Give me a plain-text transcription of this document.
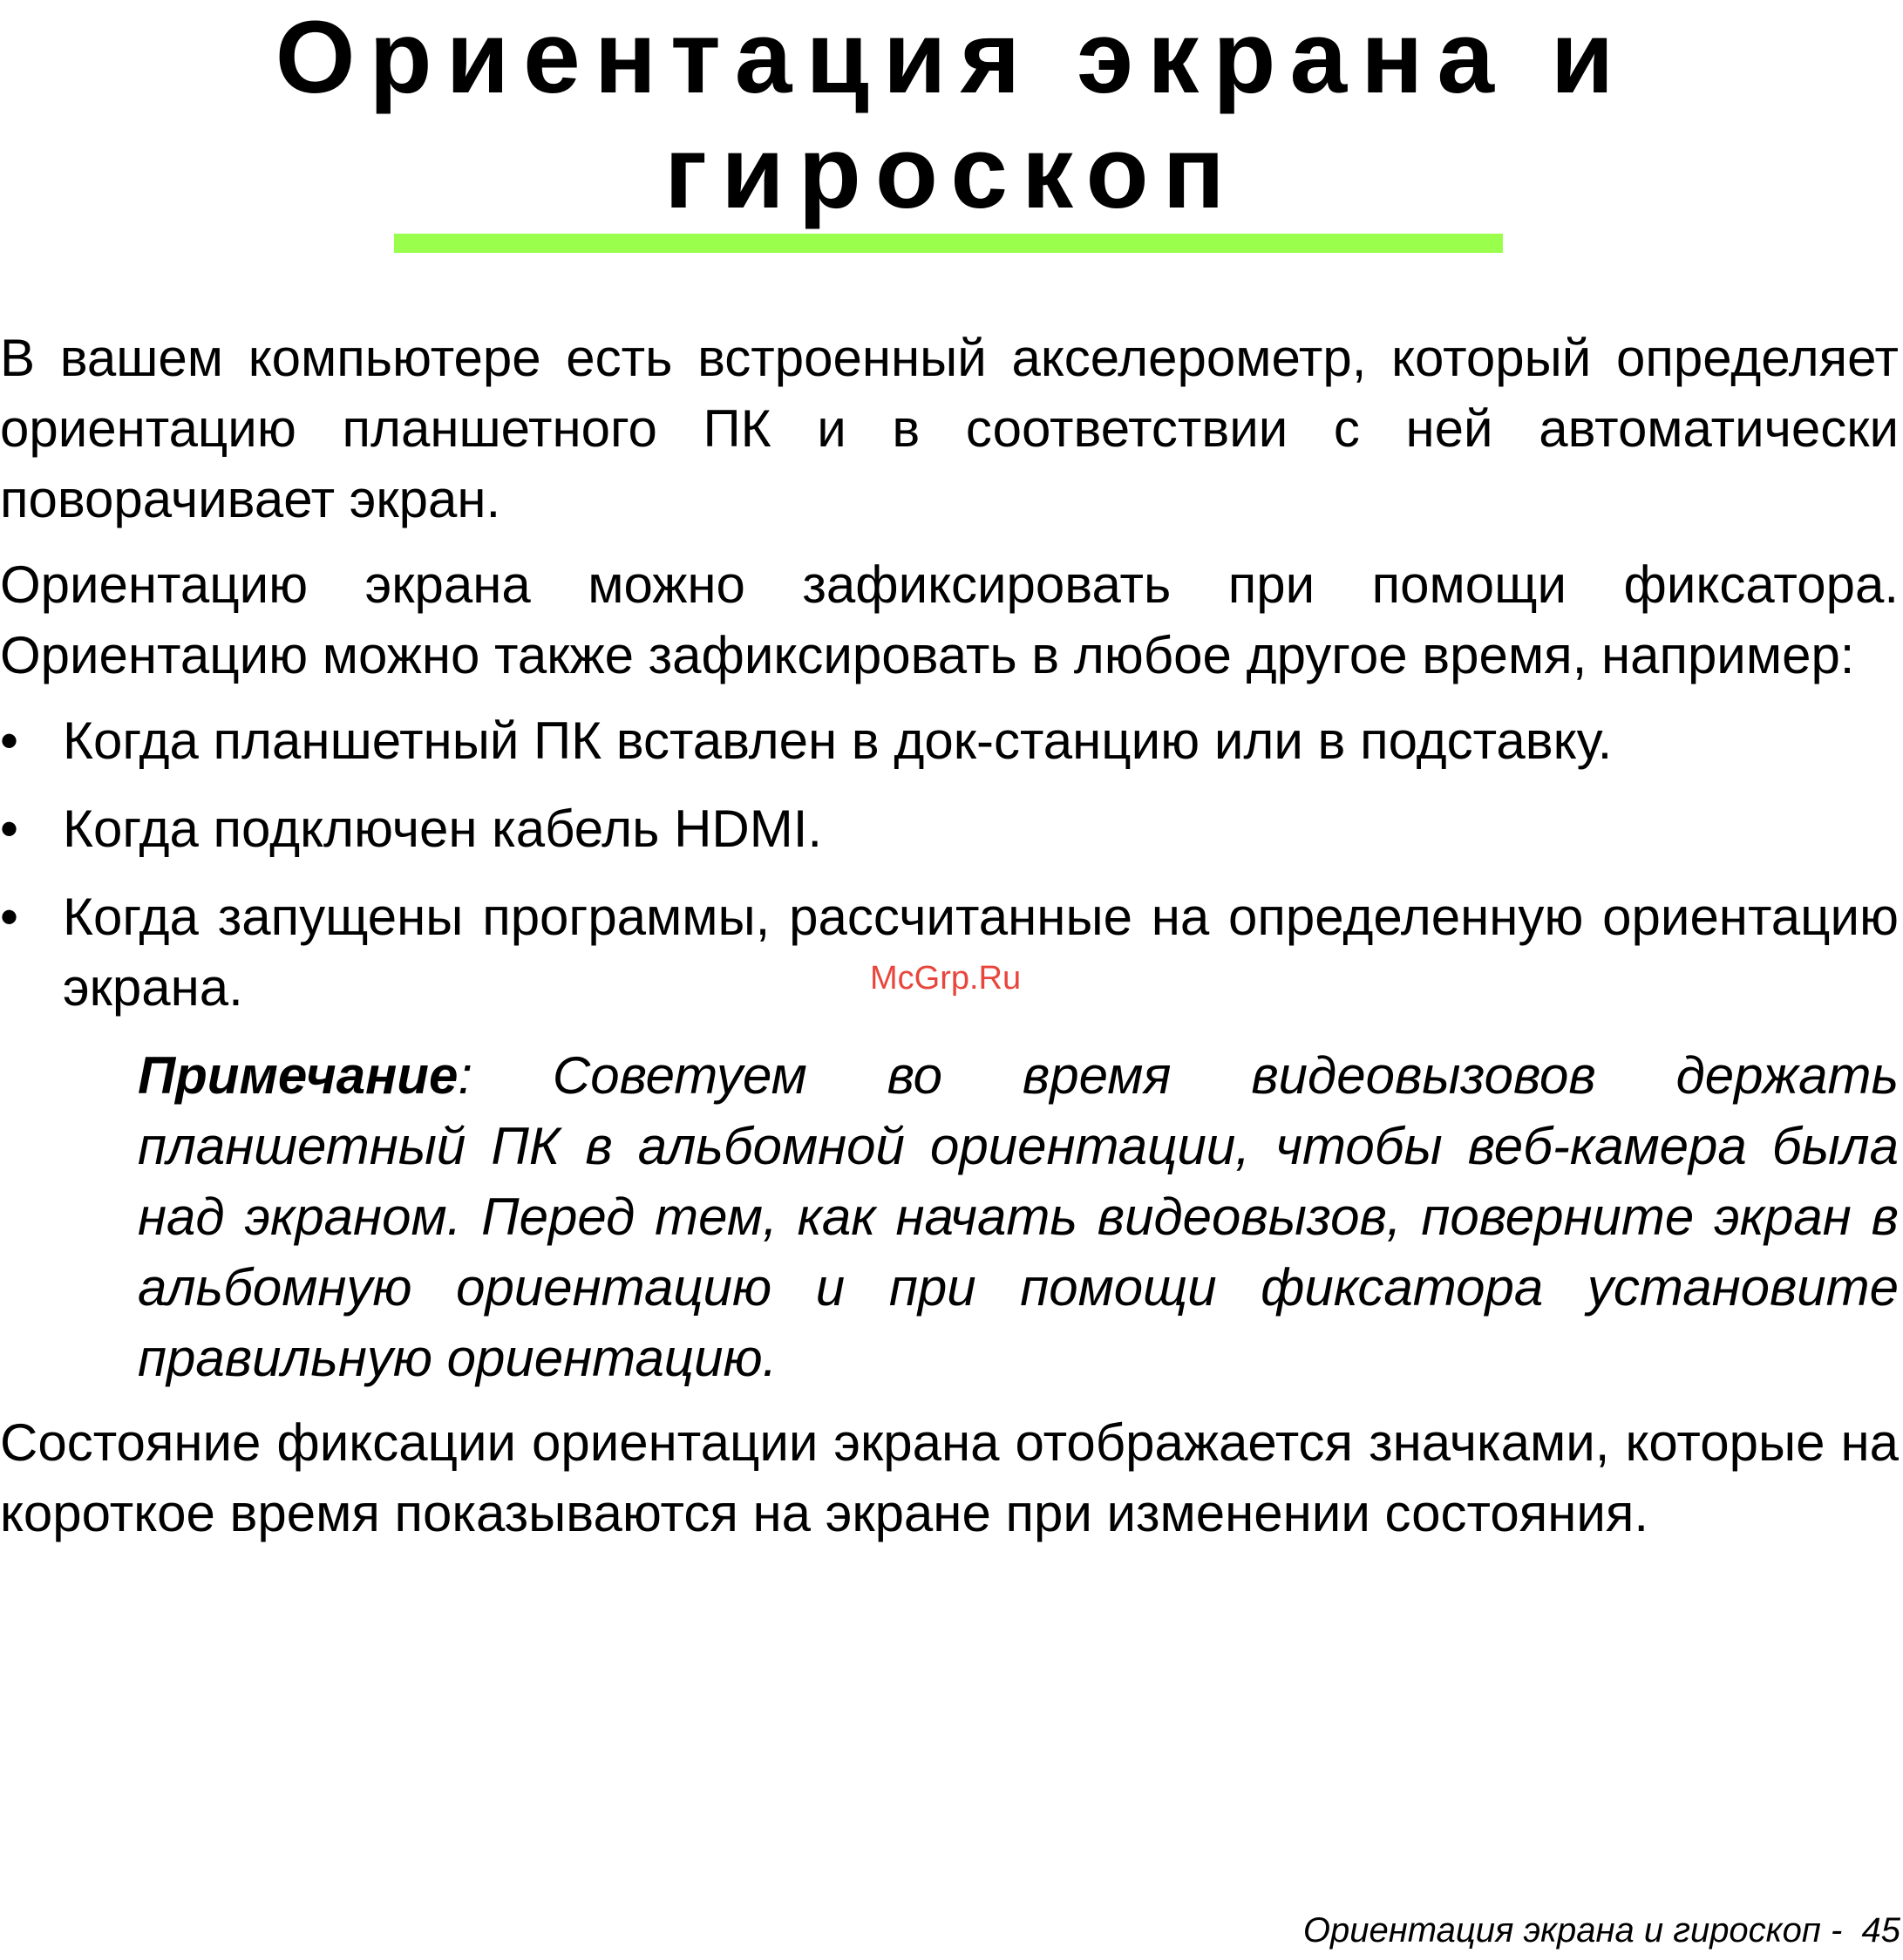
Ориентация экрана и
гироскоп

В вашем компьютере есть встроенный акселерометр, который определяет ориентацию планшетного ПК и в соответствии с ней автоматически поворачивает экран.

Ориентацию экрана можно зафиксировать при помощи фиксатора. Ориентацию можно также зафиксировать в любое другое время, например:

• Когда планшетный ПК вставлен в док-станцию или в подставку.
• Когда подключен кабель HDMI.
• Когда запущены программы, рассчитанные на определенную ориентацию экрана.

Примечание: Советуем во время видеовызовов держать планшетный ПК в альбомной ориентации, чтобы веб-камера была над экраном. Перед тем, как начать видеовызов, поверните экран в альбомную ориентацию и при помощи фиксатора установите правильную ориентацию.

Состояние фиксации ориентации экрана отображается значками, которые на короткое время показываются на экране при изменении состояния.

McGrp.Ru
Ориентация экрана и гироскоп - 45
